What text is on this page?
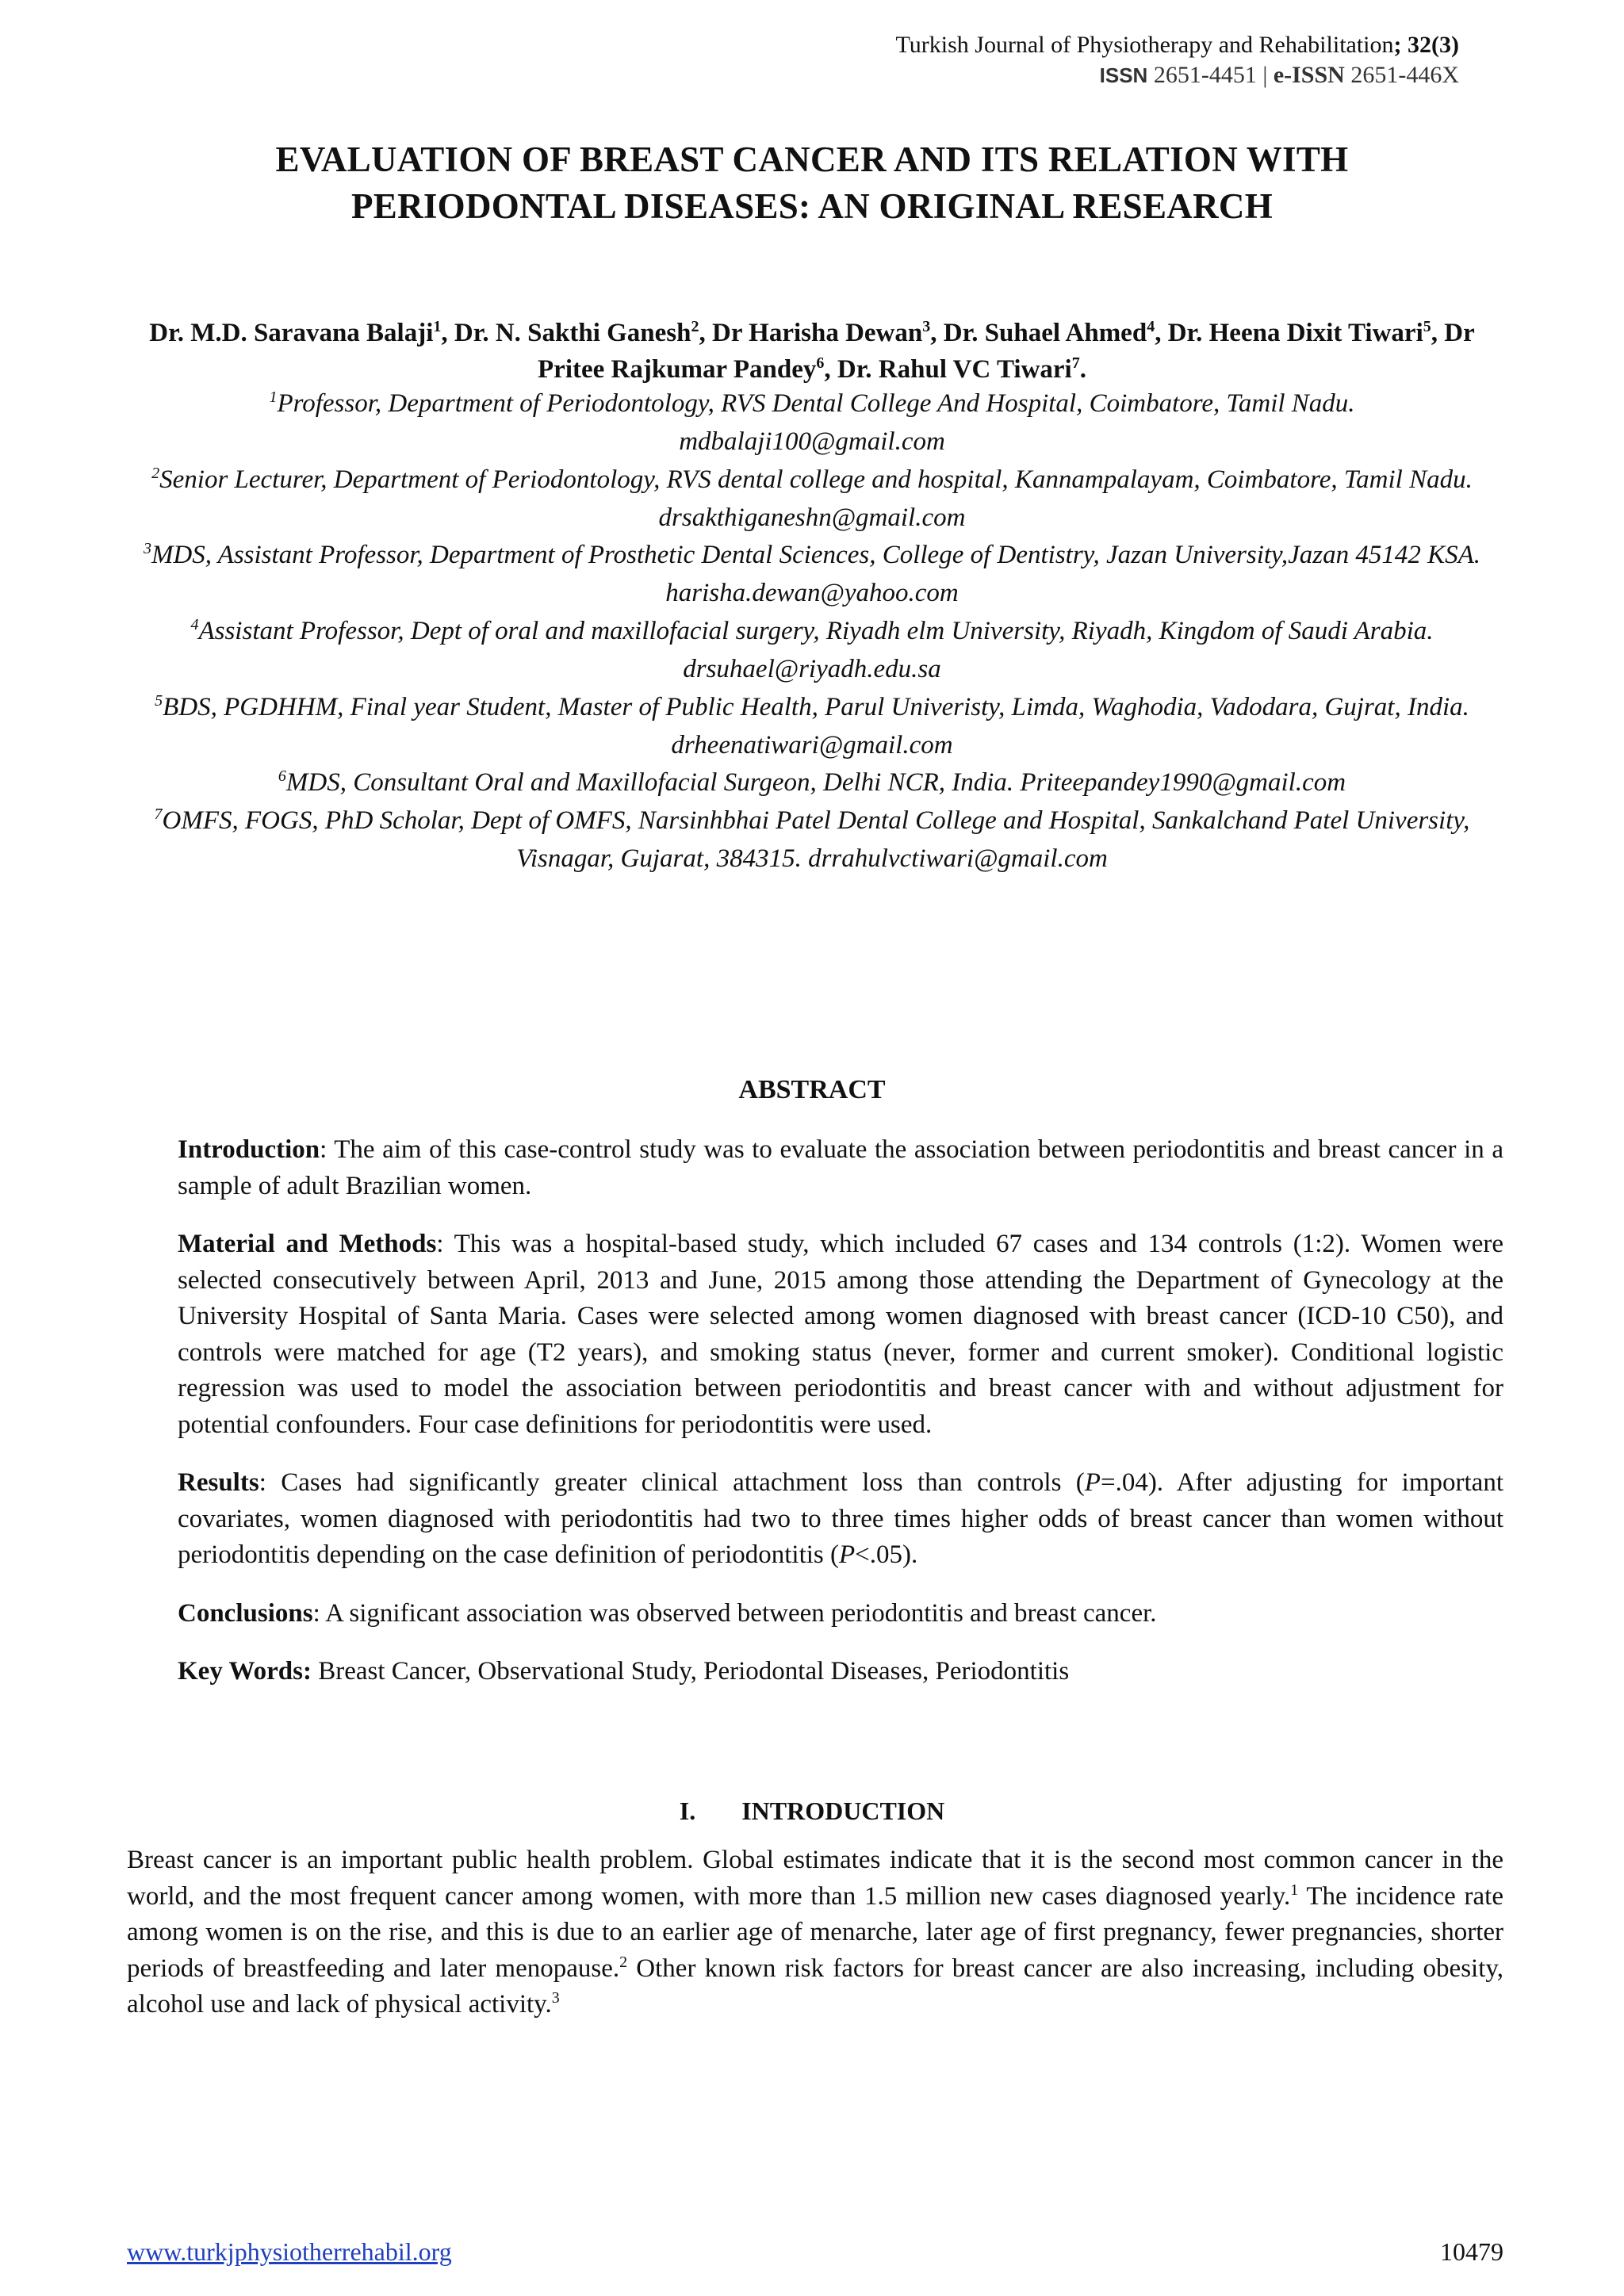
Turkish Journal of Physiotherapy and Rehabilitation; 32(3)
ISSN 2651-4451 | e-ISSN 2651-446X
EVALUATION OF BREAST CANCER AND ITS RELATION WITH
PERIODONTAL DISEASES: AN ORIGINAL RESEARCH
Dr. M.D. Saravana Balaji$^1$, Dr. N. Sakthi Ganesh$^2$, Dr Harisha Dewan$^3$, Dr. Suhael Ahmed$^4$, Dr. Heena Dixit Tiwari$^5$, Dr Pritee Rajkumar Pandey$^6$, Dr. Rahul VC Tiwari$^7$.
$^1$Professor, Department of Periodontology, RVS Dental College And Hospital, Coimbatore, Tamil Nadu. mdbalaji100@gmail.com
$^2$Senior Lecturer, Department of Periodontology, RVS dental college and hospital, Kannampalayam, Coimbatore, Tamil Nadu. drsakthiganeshn@gmail.com
$^3$MDS, Assistant Professor, Department of Prosthetic Dental Sciences, College of Dentistry, Jazan University,Jazan 45142 KSA. harisha.dewan@yahoo.com
$^4$Assistant Professor, Dept of oral and maxillofacial surgery, Riyadh elm University, Riyadh, Kingdom of Saudi Arabia. drsuhael@riyadh.edu.sa
$^5$BDS, PGDHHM, Final year Student, Master of Public Health, Parul Univeristy, Limda, Waghodia, Vadodara, Gujrat, India. drheenatiwari@gmail.com
$^6$MDS, Consultant Oral and Maxillofacial Surgeon, Delhi NCR, India. Priteepandey1990@gmail.com
$^7$OMFS, FOGS, PhD Scholar, Dept of OMFS, Narsinhbhai Patel Dental College and Hospital, Sankalchand Patel University, Visnagar, Gujarat, 384315. drrahulvctiwari@gmail.com
ABSTRACT

Introduction: The aim of this case-control study was to evaluate the association between periodontitis and breast cancer in a sample of adult Brazilian women.

Material and Methods: This was a hospital-based study, which included 67 cases and 134 controls (1:2). Women were selected consecutively between April, 2013 and June, 2015 among those attending the Department of Gynecology at the University Hospital of Santa Maria. Cases were selected among women diagnosed with breast cancer (ICD-10 C50), and controls were matched for age (T2 years), and smoking status (never, former and current smoker). Conditional logistic regression was used to model the association between periodontitis and breast cancer with and without adjustment for potential confounders. Four case definitions for periodontitis were used.

Results: Cases had significantly greater clinical attachment loss than controls (P=.04). After adjusting for important covariates, women diagnosed with periodontitis had two to three times higher odds of breast cancer than women without periodontitis depending on the case definition of periodontitis (P<.05).

Conclusions: A significant association was observed between periodontitis and breast cancer.

Key Words: Breast Cancer, Observational Study, Periodontal Diseases, Periodontitis

I. INTRODUCTION
Breast cancer is an important public health problem. Global estimates indicate that it is the second most common cancer in the world, and the most frequent cancer among women, with more than 1.5 million new cases diagnosed yearly.$^1$ The incidence rate among women is on the rise, and this is due to an earlier age of menarche, later age of first pregnancy, fewer pregnancies, shorter periods of breastfeeding and later menopause.$^2$ Other known risk factors for breast cancer are also increasing, including obesity, alcohol use and lack of physical activity.$^3$
www.turkjphysiotherrehabil.org	10479
